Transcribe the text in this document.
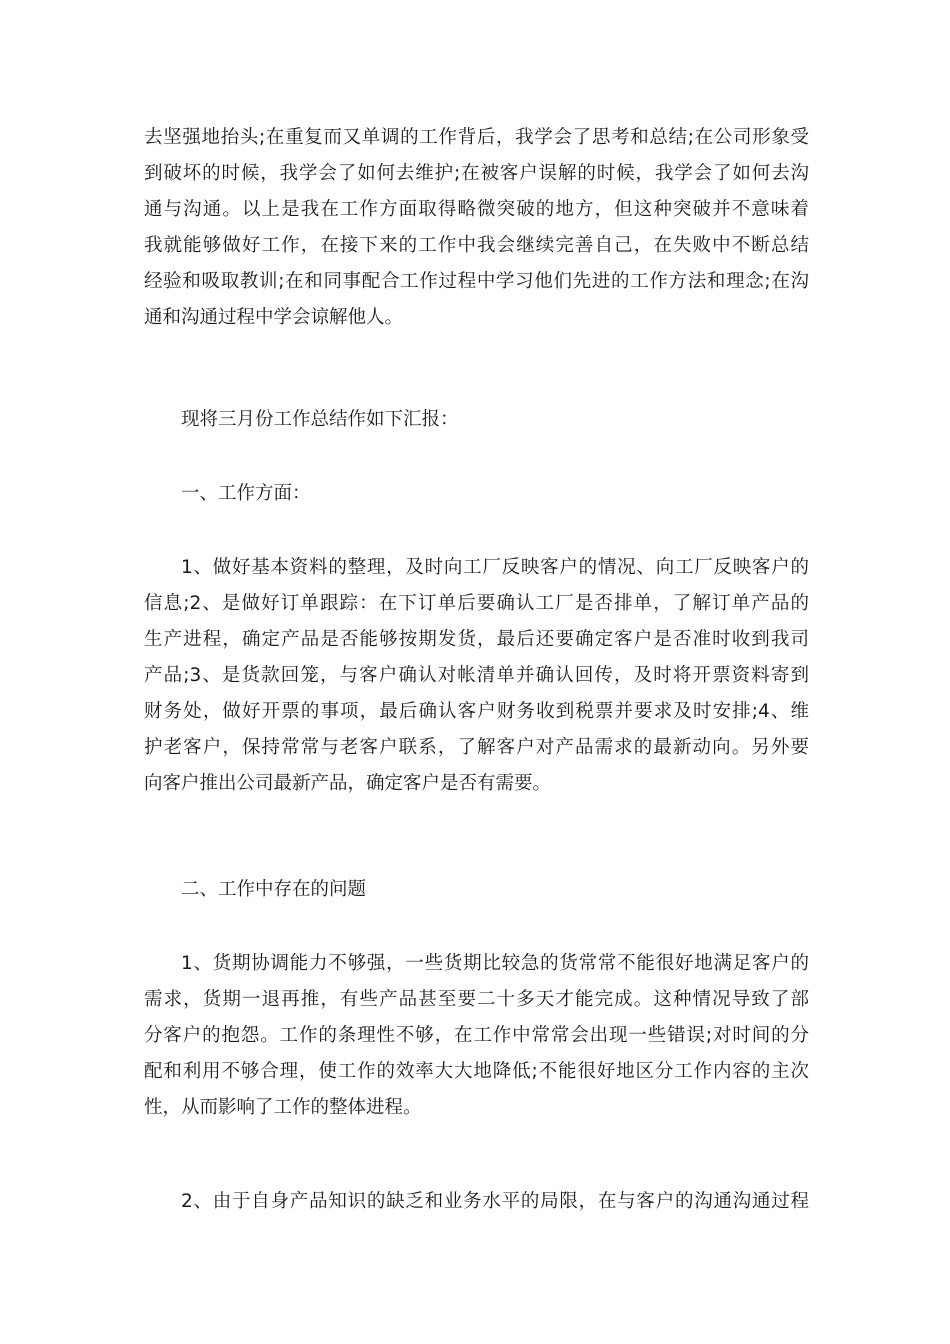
去坚强地抬头;在重复而又单调的工作背后，我学会了思考和总结;在公司形象受
到破坏的时候，我学会了如何去维护;在被客户误解的时候，我学会了如何去沟
通与沟通。以上是我在工作方面取得略微突破的地方，但这种突破并不意味着
我就能够做好工作，在接下来的工作中我会继续完善自己，在失败中不断总结
经验和吸取教训;在和同事配合工作过程中学习他们先进的工作方法和理念;在沟
通和沟通过程中学会谅解他人。

现将三月份工作总结作如下汇报：

一、工作方面：

1、做好基本资料的整理，及时向工厂反映客户的情况、向工厂反映客户的
信息;2、是做好订单跟踪：在下订单后要确认工厂是否排单，了解订单产品的
生产进程，确定产品是否能够按期发货，最后还要确定客户是否准时收到我司
产品;3、是货款回笼，与客户确认对帐清单并确认回传，及时将开票资料寄到
财务处，做好开票的事项，最后确认客户财务收到税票并要求及时安排;4、维
护老客户，保持常常与老客户联系，了解客户对产品需求的最新动向。另外要
向客户推出公司最新产品，确定客户是否有需要。

二、工作中存在的问题

1、货期协调能力不够强，一些货期比较急的货常常不能很好地满足客户的
需求，货期一退再推，有些产品甚至要二十多天才能完成。这种情况导致了部
分客户的抱怨。工作的条理性不够，在工作中常常会出现一些错误;对时间的分
配和利用不够合理，使工作的效率大大地降低;不能很好地区分工作内容的主次
性，从而影响了工作的整体进程。

2、由于自身产品知识的缺乏和业务水平的局限，在与客户的沟通沟通过程
